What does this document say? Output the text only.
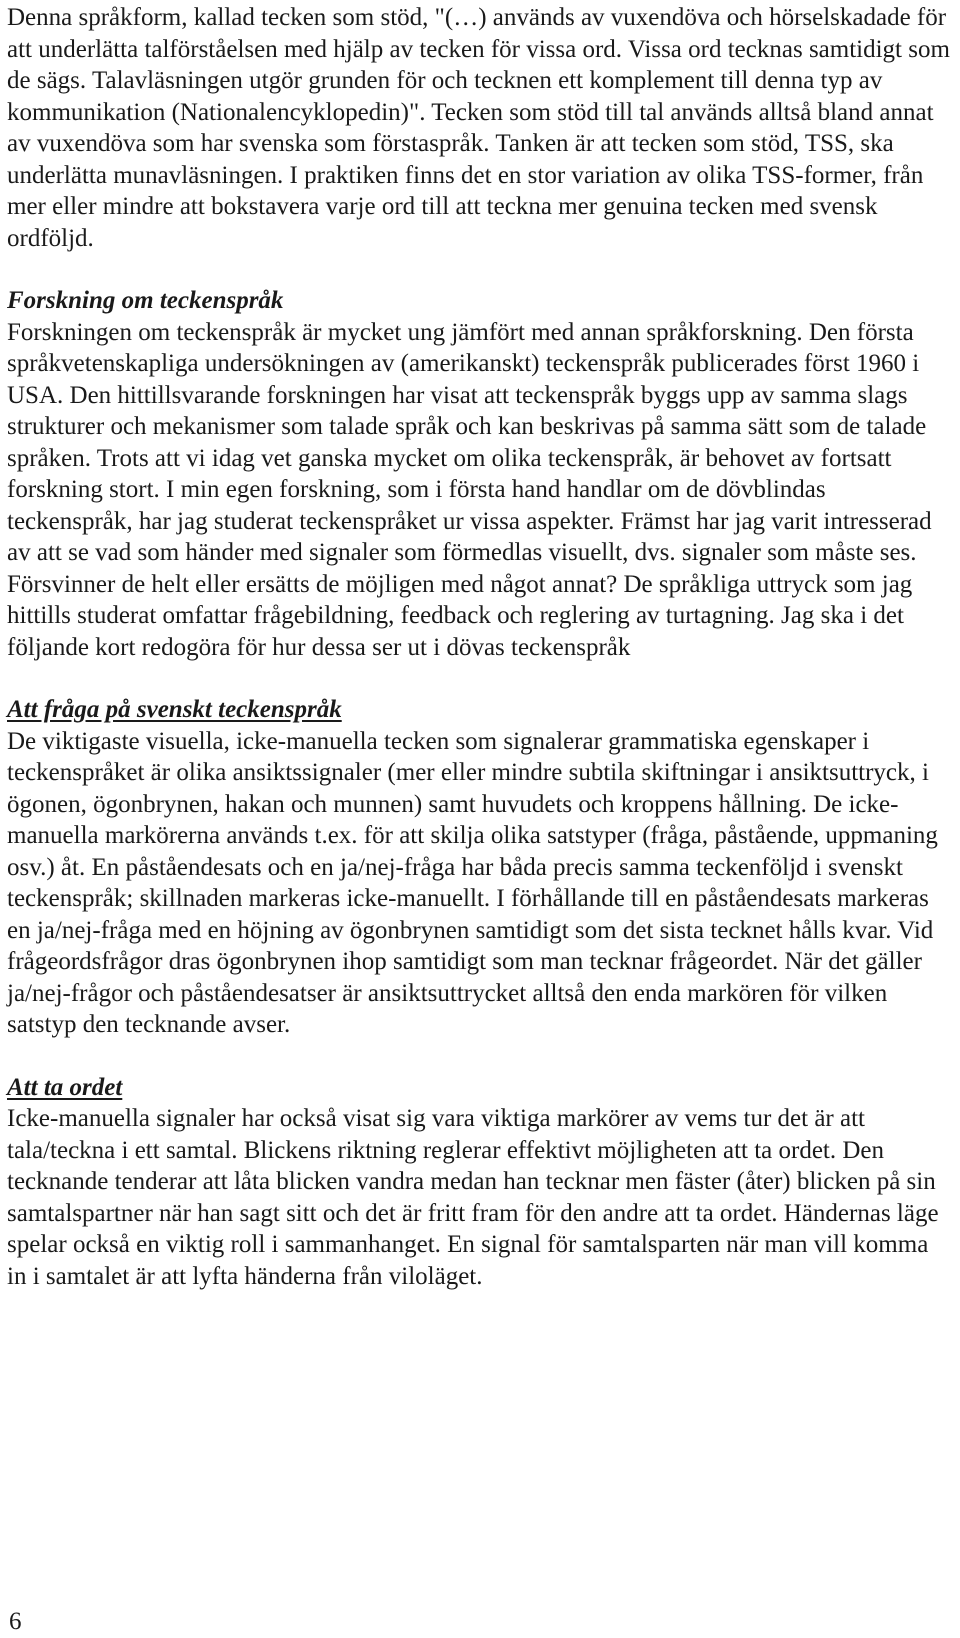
Denna språkform, kallad tecken som stöd, "(…) används av vuxendöva och hörselskadade för att underlätta talförståelsen med hjälp av tecken för vissa ord. Vissa ord tecknas samtidigt som de sägs. Talavläsningen utgör grunden för och tecknen ett komplement till denna typ av kommunikation (Nationalencyklopedin)". Tecken som stöd till tal används alltså bland annat av vuxendöva som har svenska som förstaspråk. Tanken är att tecken som stöd, TSS, ska underlätta munavläsningen. I praktiken finns det en stor variation av olika TSS-former, från mer eller mindre att bokstavera varje ord till att teckna mer genuina tecken med svensk ordföljd.

Forskning om teckenspråk

Forskningen om teckenspråk är mycket ung jämfört med annan språkforskning. Den första språkvetenskapliga undersökningen av (amerikanskt) teckenspråk publicerades först 1960 i USA. Den hittillsvarande forskningen har visat att teckenspråk byggs upp av samma slags strukturer och mekanismer som talade språk och kan beskrivas på samma sätt som de talade språken. Trots att vi idag vet ganska mycket om olika teckenspråk, är behovet av fortsatt forskning stort. I min egen forskning, som i första hand handlar om de dövblindas teckenspråk, har jag studerat teckenspråket ur vissa aspekter. Främst har jag varit intresserad av att se vad som händer med signaler som förmedlas visuellt, dvs. signaler som måste ses. Försvinner de helt eller ersätts de möjligen med något annat? De språkliga uttryck som jag hittills studerat omfattar frågebildning, feedback och reglering av turtagning. Jag ska i det följande kort redogöra för hur dessa ser ut i dövas teckenspråk

Att fråga på svenskt teckenspråk

De viktigaste visuella, icke-manuella tecken som signalerar grammatiska egenskaper i teckenspråket är olika ansiktssignaler (mer eller mindre subtila skiftningar i ansiktsuttryck, i ögonen, ögonbrynen, hakan och munnen) samt huvudets och kroppens hållning. De icke-manuella markörerna används t.ex. för att skilja olika satstyper (fråga, påstående, uppmaning osv.) åt. En påståendesats och en ja/nej-fråga har båda precis samma teckenföljd i svenskt teckenspråk; skillnaden markeras icke-manuellt. I förhållande till en påståendesats markeras en ja/nej-fråga med en höjning av ögonbrynen samtidigt som det sista tecknet hålls kvar. Vid frågeordsfrågor dras ögonbrynen ihop samtidigt som man tecknar frågeordet. När det gäller ja/nej-frågor och påståendesatser är ansiktsuttrycket alltså den enda markören för vilken satstyp den tecknande avser.

Att ta ordet

Icke-manuella signaler har också visat sig vara viktiga markörer av vems tur det är att tala/teckna i ett samtal. Blickens riktning reglerar effektivt möjligheten att ta ordet. Den tecknande tenderar att låta blicken vandra medan han tecknar men fäster (åter) blicken på sin samtalspartner när han sagt sitt och det är fritt fram för den andre att ta ordet. Händernas läge spelar också en viktig roll i sammanhanget. En signal för samtalsparten när man vill komma in i samtalet är att lyfta händerna från viloläget.

6
